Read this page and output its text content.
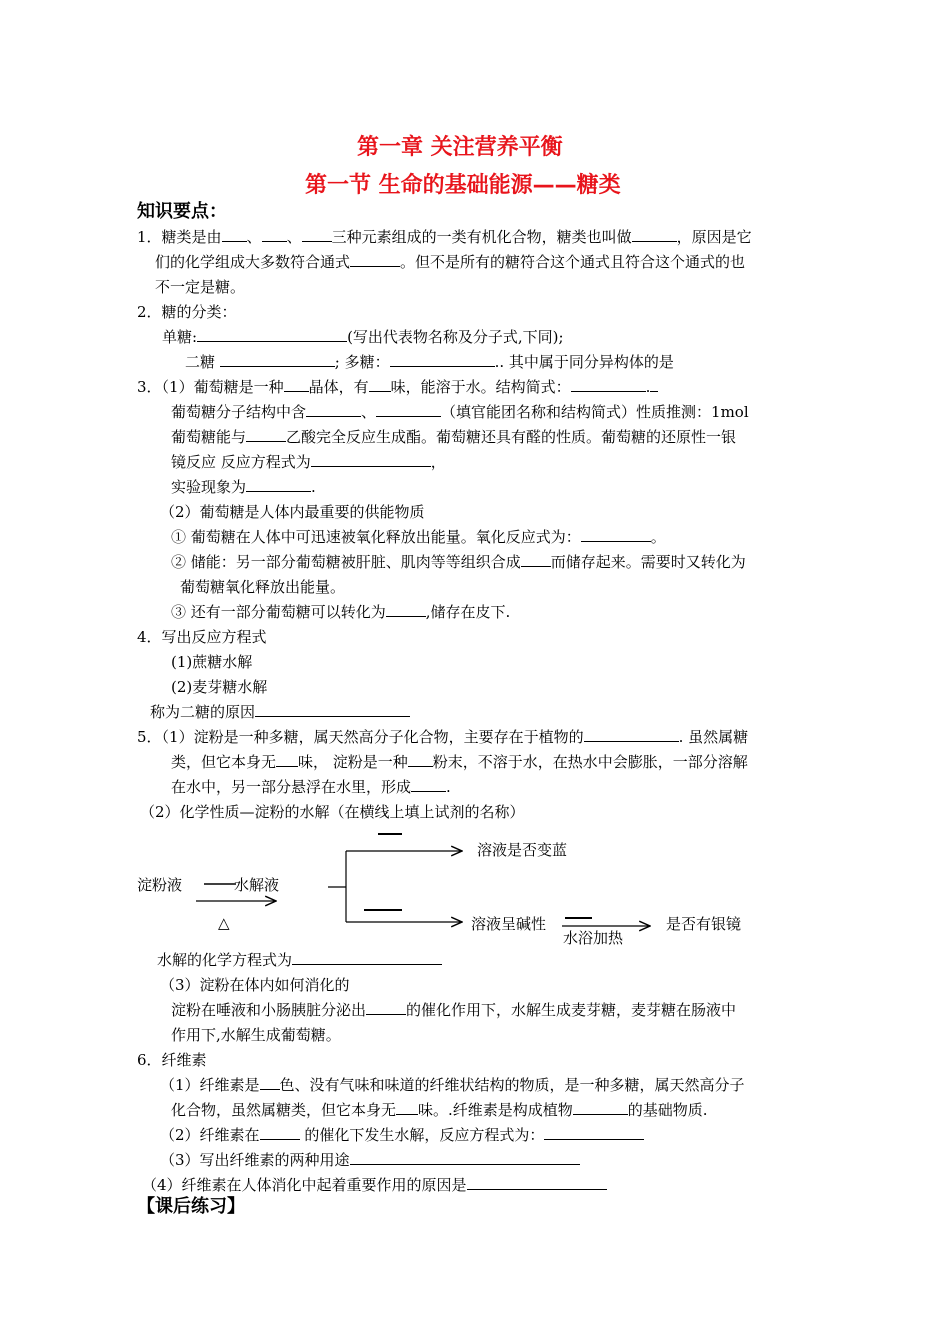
第一章 关注营养平衡
第一节 生命的基础能源——糖类
知识要点：
1．糖类是由 、 、 三种元素组成的一类有机化合物，糖类也叫做	，原因是它
们的化学组成大多数符合通式	。但不是所有的糖符合这个通式且符合这个通式的也
不一定是糖。
2．糖的分类：
单糖:	(写出代表物名称及分子式,下同);
二糖	; 多糖：	.. 其中属于同分异构体的是
3．（1）葡萄糖是一种 晶体，有 味，能溶于水。结构简式：	.
葡萄糖分子结构中含	、	（填官能团名称和结构简式）性质推测：1mol
葡萄糖能与	乙酸完全反应生成酯。葡萄糖还具有醛的性质。葡萄糖的还原性一银
镜反应 反应方程式为	，
实验现象为	.
（2）葡萄糖是人体内最重要的供能物质
① 葡萄糖在人体中可迅速被氧化释放出能量。氧化反应式为：	。
② 储能：另一部分葡萄糖被肝脏、肌肉等等组织合成 而储存起来。需要时又转化为
葡萄糖氧化释放出能量。
③ 还有一部分葡萄糖可以转化为	,储存在皮下.
4．写出反应方程式
(1)蔗糖水解
(2)麦芽糖水解
称为二糖的原因
5．（1）淀粉是一种多糖，属天然高分子化合物，主要存在于植物的	. 虽然属糖
类，但它本身无 味， 淀粉是一种 粉末，不溶于水，在热水中会膨胀，一部分溶解
在水中，另一部分悬浮在水里，形成 .
（2）化学性质—淀粉的水解（在横线上填上试剂的名称）
淀粉液	水解液
△
溶液是否变蓝
溶液呈碱性
水浴加热
是否有银镜
水解的化学方程式为
（3）淀粉在体内如何消化的
淀粉在唾液和小肠胰脏分泌出	的催化作用下，水解生成麦芽糖，麦芽糖在肠液中
作用下,水解生成葡萄糖。
6．纤维素
（1）纤维素是 色、没有气味和味道的纤维状结构的物质，是一种多糖，属天然高分子
化合物，虽然属糖类，但它本身无 味。.纤维素是构成植物	的基础物质.
（2）纤维素在	的催化下发生水解，反应方程式为：
（3）写出纤维素的两种用途
（4）纤维素在人体消化中起着重要作用的原因是
【课后练习】
